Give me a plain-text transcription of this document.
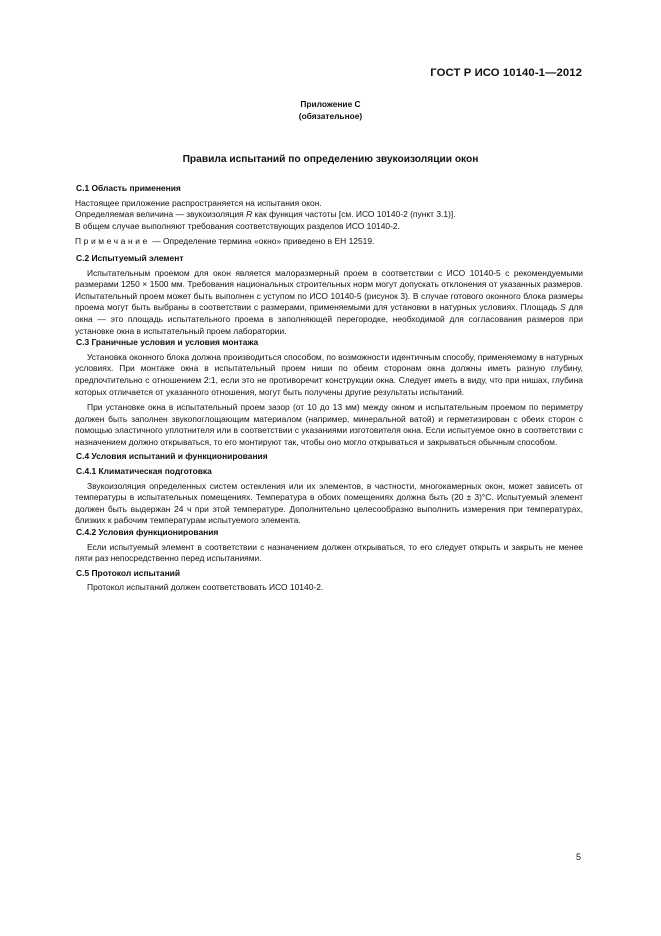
ГОСТ Р ИСО 10140-1—2012
Приложение С
(обязательное)
Правила испытаний по определению звукоизоляции окон

С.1 Область применения

Настоящее приложение распространяется на испытания окон.

Определяемая величина — звукоизоляция R как функция частоты [см. ИСО 10140-2 (пункт 3.1)].

В общем случае выполняют требования соответствующих разделов ИСО 10140-2.

Примечание — Определение термина «окно» приведено в ЕН 12519.

С.2 Испытуемый элемент

Испытательным проемом для окон является малоразмерный проем в соответствии с ИСО 10140-5 с рекомендуемыми размерами 1250 × 1500 мм. Требования национальных строительных норм могут допускать отклонения от указанных размеров. Испытательный проем может быть выполнен с уступом по ИСО 10140-5 (рисунок 3). В случае готового оконного блока размеры проема могут быть выбраны в соответствии с размерами, применяемыми для установки в натурных условиях. Площадь S для окна — это площадь испытательного проема в заполняющей перегородке, необходимой для согласования размеров при установке окна в испытательный проем лаборатории.

С.3 Граничные условия и условия монтажа

Установка оконного блока должна производиться способом, по возможности идентичным способу, применяемому в натурных условиях. При монтаже окна в испытательный проем ниши по обеим сторонам окна должны иметь разную глубину, предпочтительно с отношением 2:1, если это не противоречит конструкции окна. Следует иметь в виду, что при нишах, глубина которых отличается от указанного отношения, могут быть получены другие результаты испытаний.

При установке окна в испытательный проем зазор (от 10 до 13 мм) между окном и испытательным проемом по периметру должен быть заполнен звукопоглощающим материалом (например, минеральной ватой) и герметизирован с обеих сторон с помощью эластичного уплотнителя или в соответствии с указаниями изготовителя окна. Если испытуемое окно в соответствии с назначением должно открываться, то его монтируют так, чтобы оно могло открываться и закрываться обычным способом.

С.4 Условия испытаний и функционирования

С.4.1 Климатическая подготовка

Звукоизоляция определенных систем остекления или их элементов, в частности, многокамерных окон, может зависеть от температуры в испытательных помещениях. Температура в обоих помещениях должна быть (20 ± 3)°С. Испытуемый элемент должен быть выдержан 24 ч при этой температуре. Дополнительно целесообразно выполнить измерения при температурах, близких к рабочим температурам испытуемого элемента.

С.4.2 Условия функционирования

Если испытуемый элемент в соответствии с назначением должен открываться, то его следует открыть и закрыть не менее пяти раз непосредственно перед испытаниями.

С.5 Протокол испытаний

Протокол испытаний должен соответствовать ИСО 10140-2.

5
